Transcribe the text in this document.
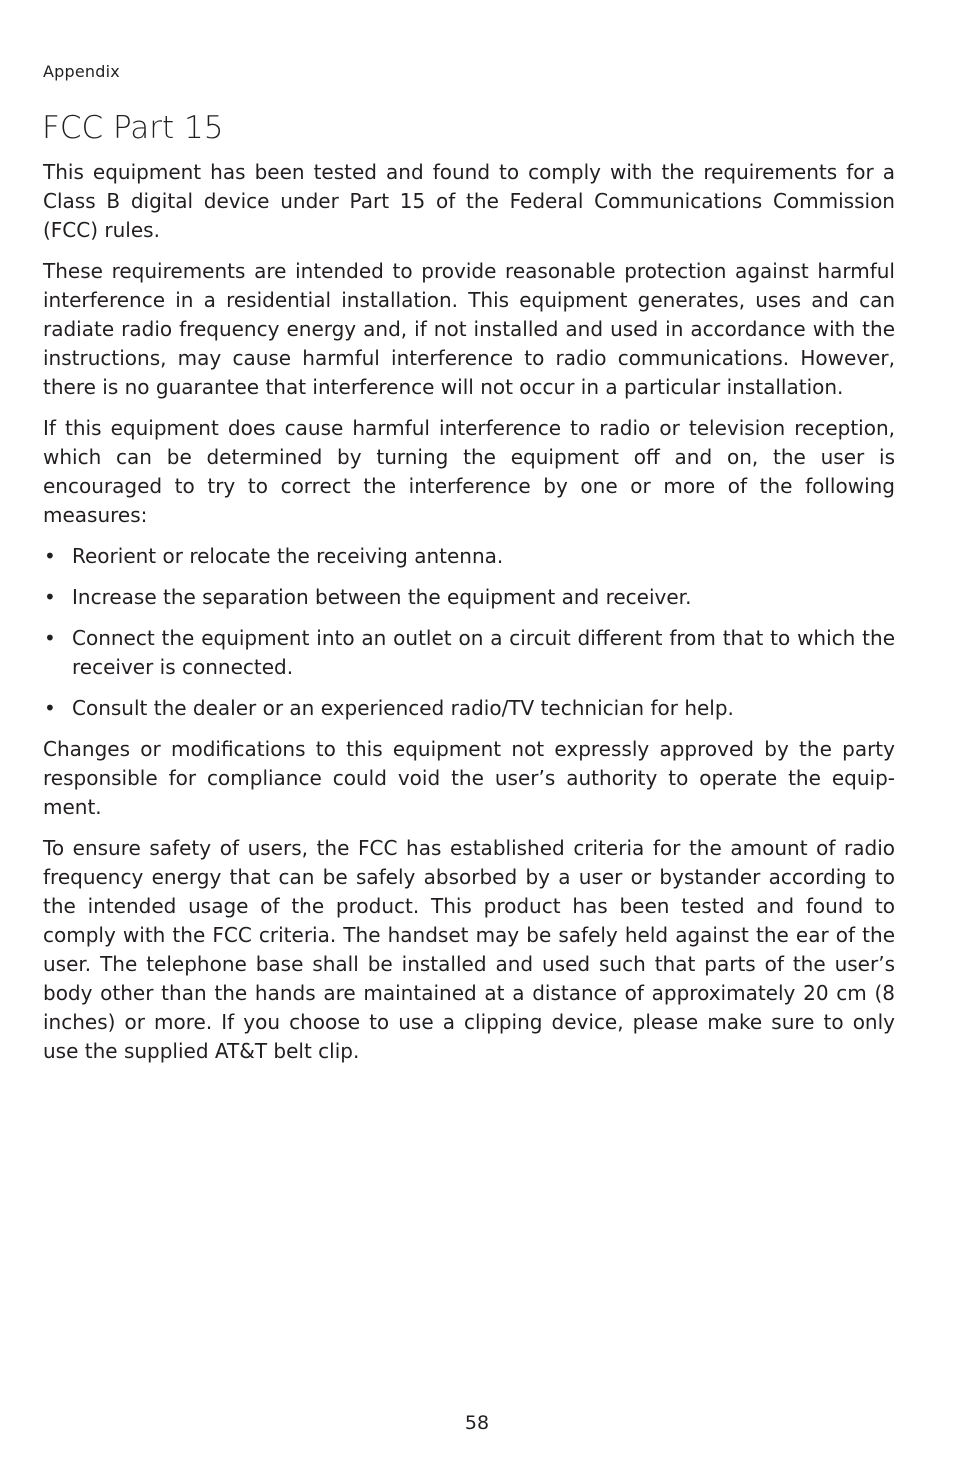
Appendix
FCC Part 15

This equipment has been tested and found to comply with the requirements for a Class B digital device under Part 15 of the Federal Communications Commission (FCC) rules.

These requirements are intended to provide reasonable protection against harmful interference in a residential installation. This equipment generates, uses and can radiate radio frequency energy and, if not installed and used in accordance with the instructions, may cause harmful interference to radio communications. However, there is no guarantee that interference will not occur in a particular installation.

If this equipment does cause harmful interference to radio or television reception, which can be determined by turning the equipment off and on, the user is encouraged to try to correct the interference by one or more of the following measures:

• Reorient or relocate the receiving antenna.
• Increase the separation between the equipment and receiver.
• Connect the equipment into an outlet on a circuit different from that to which the receiver is connected.
• Consult the dealer or an experienced radio/TV technician for help.

Changes or modifications to this equipment not expressly approved by the party responsible for compliance could void the user’s authority to operate the equipment.

To ensure safety of users, the FCC has established criteria for the amount of radio frequency energy that can be safely absorbed by a user or bystander according to the intended usage of the product. This product has been tested and found to comply with the FCC criteria. The handset may be safely held against the ear of the user. The telephone base shall be installed and used such that parts of the user’s body other than the hands are maintained at a distance of approximately 20 cm (8 inches) or more. If you choose to use a clipping device, please make sure to only use the supplied AT&T belt clip.

58
